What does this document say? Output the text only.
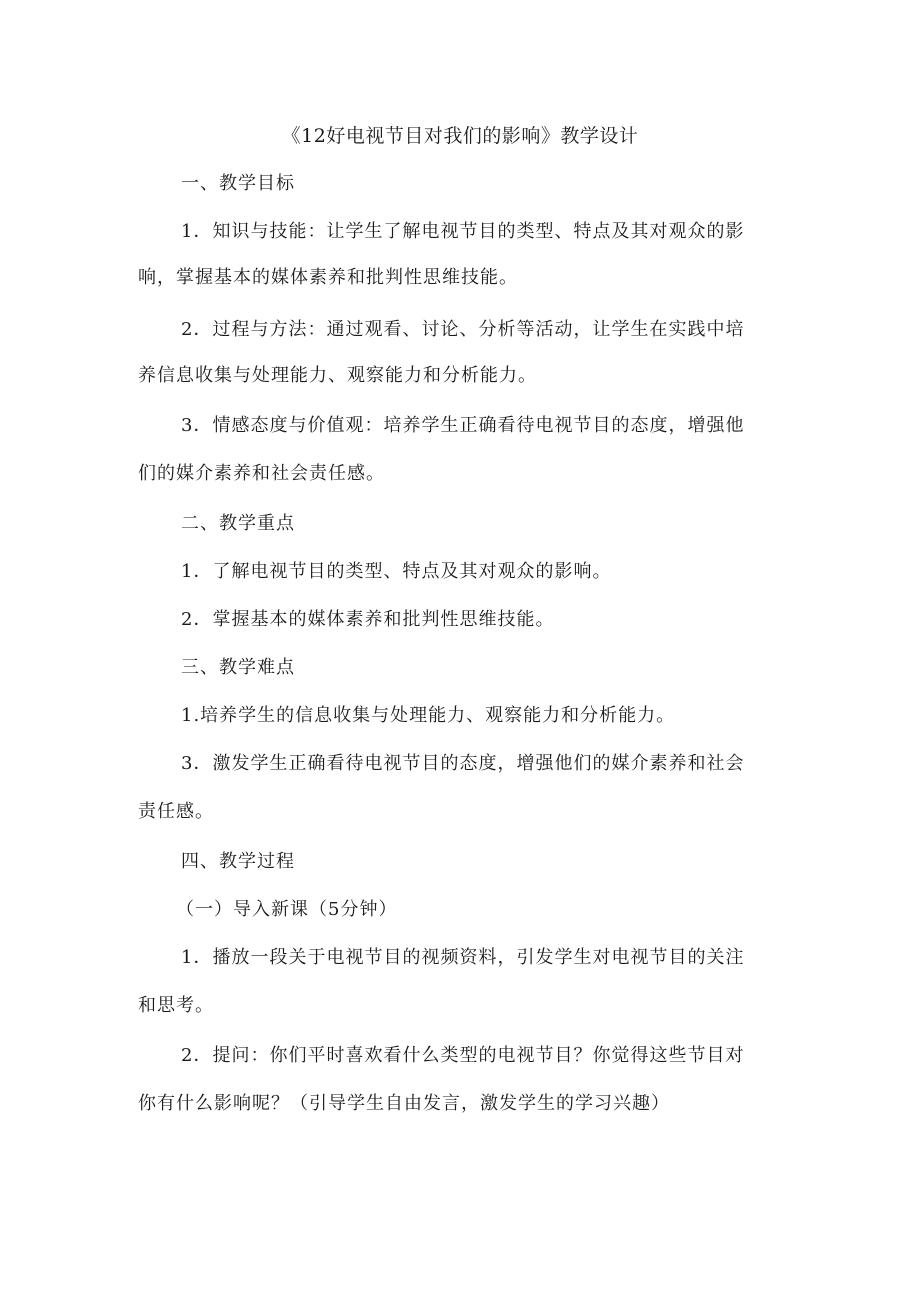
《12好电视节目对我们的影响》教学设计

一、教学目标

1．知识与技能：让学生了解电视节目的类型、特点及其对观众的影

响，掌握基本的媒体素养和批判性思维技能。

2．过程与方法：通过观看、讨论、分析等活动，让学生在实践中培

养信息收集与处理能力、观察能力和分析能力。

3．情感态度与价值观：培养学生正确看待电视节目的态度，增强他

们的媒介素养和社会责任感。

二、教学重点

1．了解电视节目的类型、特点及其对观众的影响。

2．掌握基本的媒体素养和批判性思维技能。

三、教学难点

1.培养学生的信息收集与处理能力、观察能力和分析能力。

3．激发学生正确看待电视节目的态度，增强他们的媒介素养和社会

责任感。

四、教学过程

（一）导入新课（5分钟）

1．播放一段关于电视节目的视频资料，引发学生对电视节目的关注

和思考。

2．提问：你们平时喜欢看什么类型的电视节目？你觉得这些节目对

你有什么影响呢？（引导学生自由发言，激发学生的学习兴趣）
